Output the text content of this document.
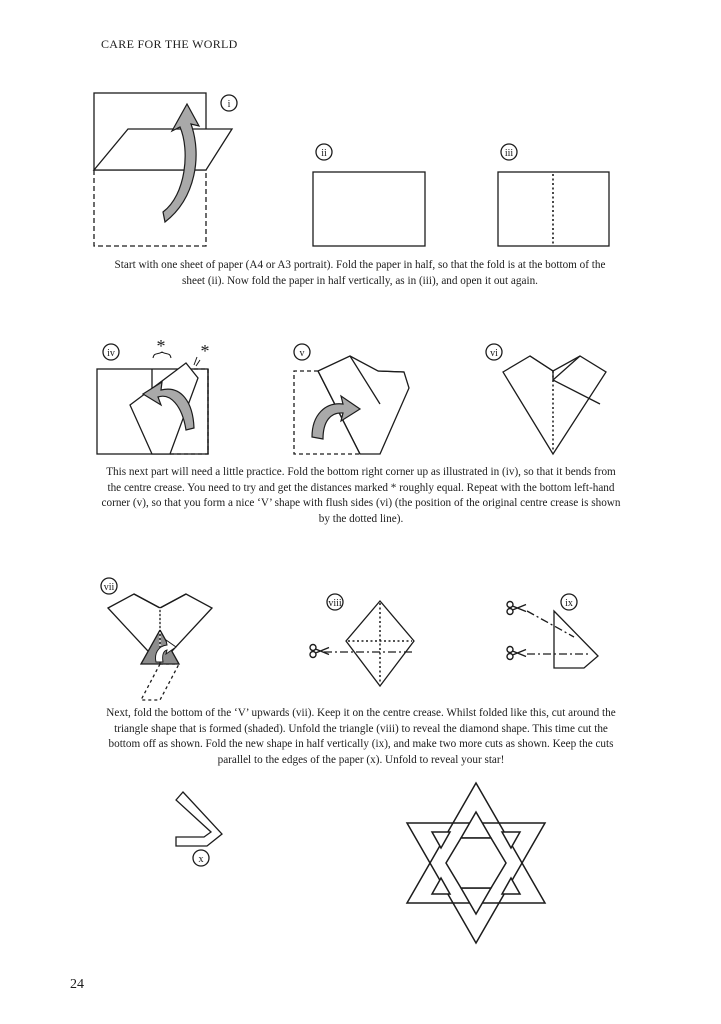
CARE FOR THE WORLD
i
ii	iii
* *
iv	v	vi
vii
viii	ix
x
Start with one sheet of paper (A4 or A3 portrait). Fold the paper in half, so that the fold is at the bottom of the sheet (ii). Now fold the paper in half vertically, as in (iii), and open it out again.
This next part will need a little practice. Fold the bottom right corner up as illustrated in (iv), so that it bends from the centre crease. You need to try and get the distances marked * roughly equal. Repeat with the bottom left-hand corner (v), so that you form a nice ‘V’ shape with flush sides (vi) (the position of the original centre crease is shown by the dotted line).
Next, fold the bottom of the ‘V’ upwards (vii). Keep it on the centre crease. Whilst folded like this, cut around the triangle shape that is formed (shaded). Unfold the triangle (viii) to reveal the diamond shape. This time cut the bottom off as shown. Fold the new shape in half vertically (ix), and make two more cuts as shown. Keep the cuts parallel to the edges of the paper (x). Unfold to reveal your star!
24
